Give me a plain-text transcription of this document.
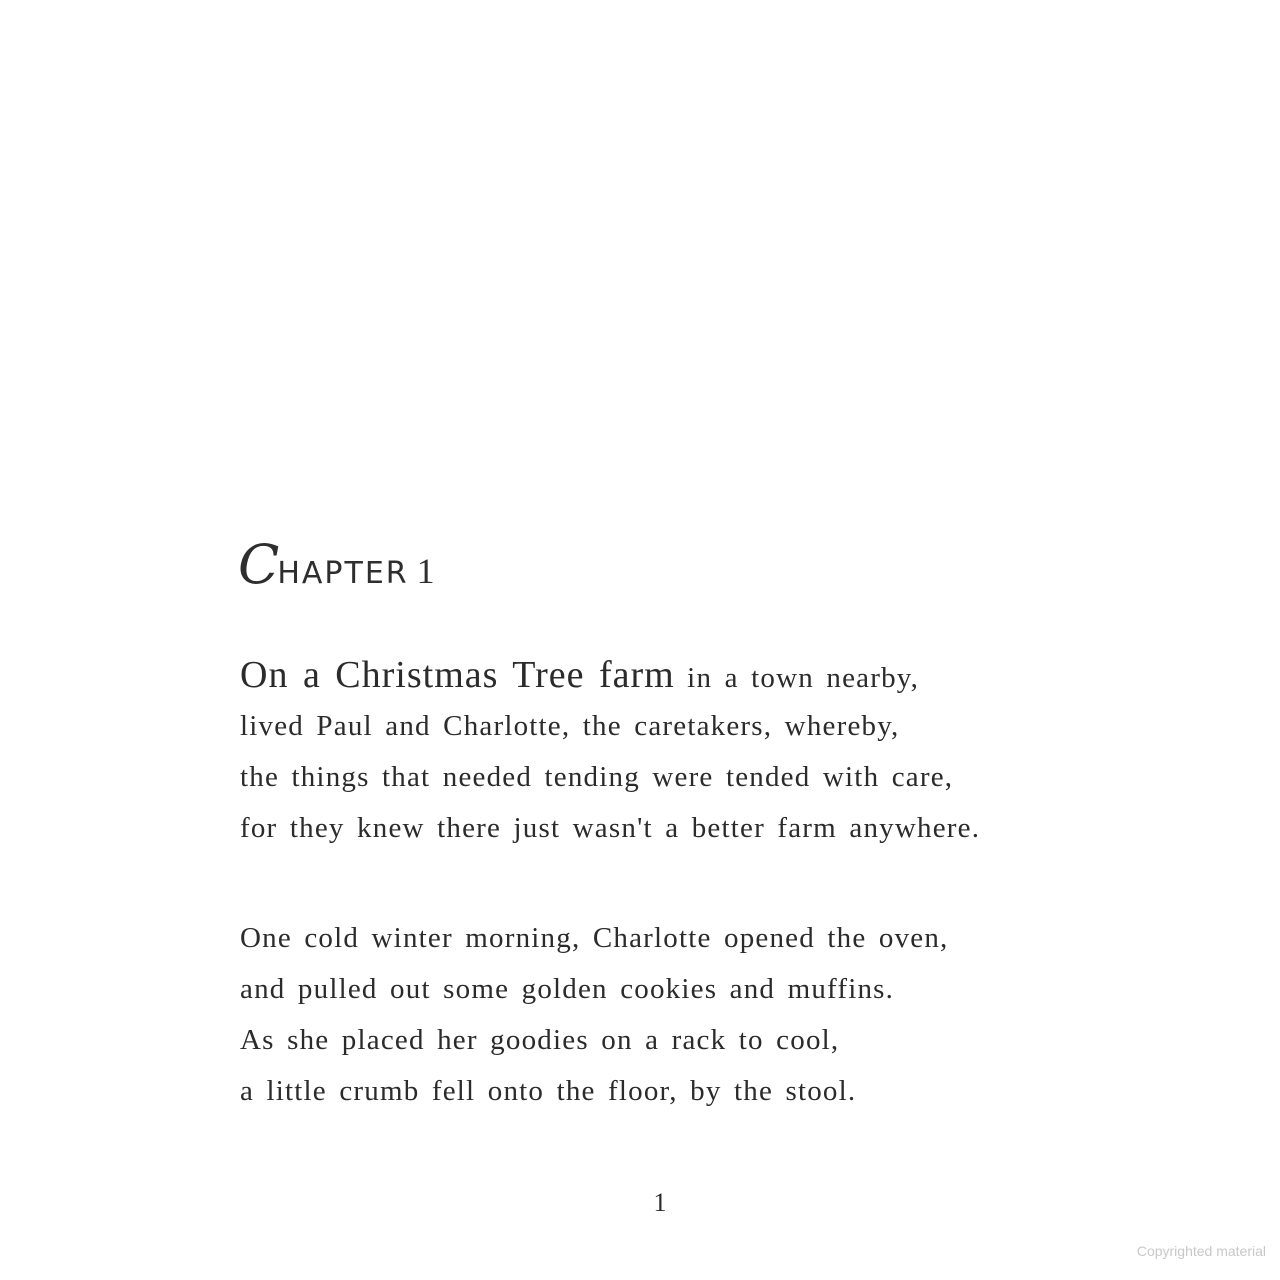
CHAPTER 1
On a Christmas Tree farm in a town nearby,
lived Paul and Charlotte, the caretakers, whereby,
the things that needed tending were tended with care,
for they knew there just wasn't a better farm anywhere.
One cold winter morning, Charlotte opened the oven,
and pulled out some golden cookies and muffins.
As she placed her goodies on a rack to cool,
a little crumb fell onto the floor, by the stool.
1
Copyrighted material
